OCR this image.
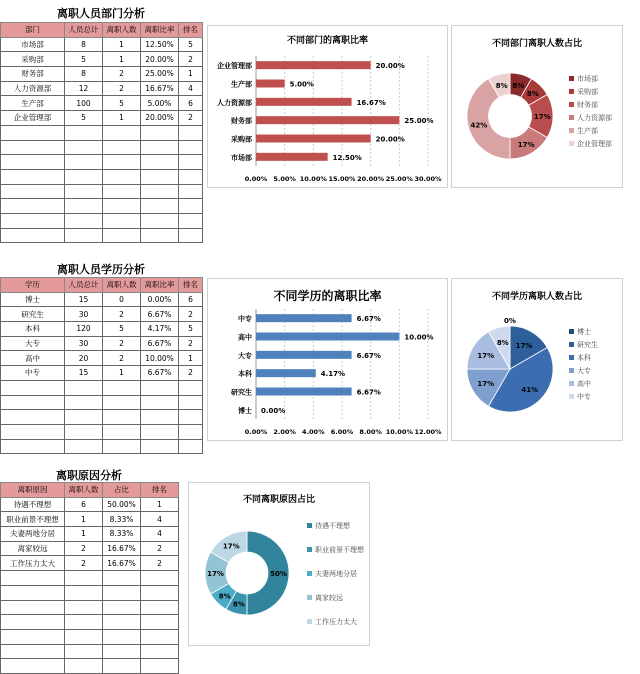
离职人员部门分析
部门	人员总计	离职人数	离职比率	排名
市场部	8	1	12.50%	5
采购部	5	1	20.00%	2
财务部	8	2	25.00%	1
人力资源部	12	2	16.67%	4
生产部	100	5	5.00%	6
企业管理部	5	1	20.00%	2

离职人员学历分析
学历	人员总计	离职人数	离职比率	排名
博士	15	0	0.00%	6
研究生	30	2	6.67%	2
本科	120	5	4.17%	5
大专	30	2	6.67%	2
高中	20	2	10.00%	1
中专	15	1	6.67%	2

离职原因分析
离职原因	离职人数	占比	排名
待遇不理想	6	50.00%	1
职业前景不理想	1	8.33%	4
夫妻两地分居	1	8.33%	4
离家较远	2	16.67%	2
工作压力太大	2	16.67%	2

不同部门的离职比率
0.00% 5.00% 10.00% 15.00% 20.00% 25.00% 30.00%
企业管理部	20.00%
生产部	5.00%
人力资源部	16.67%
财务部	25.00%
采购部	20.00%
市场部	12.50%
不同部门离职人数占比
8%
8%
17%
17%
42%
8%
市场部
采购部
财务部
人力资源部
生产部
企业管理部
不同学历的离职比率
0.00% 2.00% 4.00% 6.00% 8.00% 10.00% 12.00%
中专	6.67%
高中	10.00%
大专	6.67%
本科	4.17%
研究生	6.67%
博士 0.00%
不同学历离职人数占比
0%
17%
41%
17%
17%
8%
博士
研究生
本科
大专
高中
中专
不同离职原因占比
50%
8%
8%
17%
17%
待遇不理想
职业前景不理想
夫妻两地分居
离家较远
工作压力太大
